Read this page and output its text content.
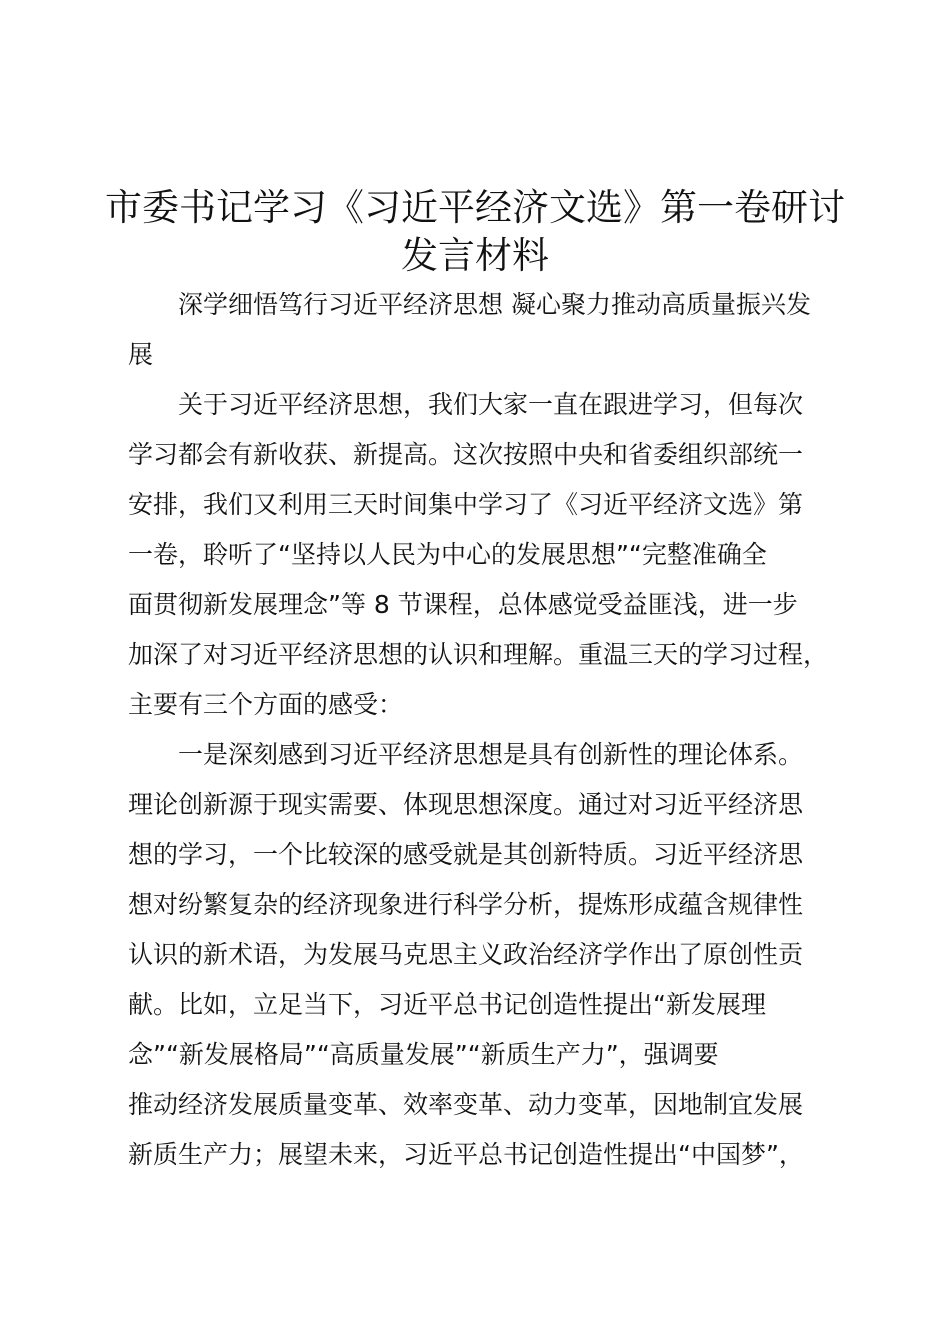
市委书记学习《习近平经济文选》第一卷研讨
发言材料
深学细悟笃行习近平经济思想 凝心聚力推动高质量振兴发
展
关于习近平经济思想，我们大家一直在跟进学习，但每次
学习都会有新收获、新提高。这次按照中央和省委组织部统一
安排，我们又利用三天时间集中学习了《习近平经济文选》第
一卷，聆听了“坚持以人民为中心的发展思想”“完整准确全
面贯彻新发展理念”等 8 节课程，总体感觉受益匪浅，进一步
加深了对习近平经济思想的认识和理解。重温三天的学习过程，
主要有三个方面的感受：
一是深刻感到习近平经济思想是具有创新性的理论体系。
理论创新源于现实需要、体现思想深度。通过对习近平经济思
想的学习，一个比较深的感受就是其创新特质。习近平经济思
想对纷繁复杂的经济现象进行科学分析，提炼形成蕴含规律性
认识的新术语，为发展马克思主义政治经济学作出了原创性贡
献。比如，立足当下，习近平总书记创造性提出“新发展理
念”“新发展格局”“高质量发展”“新质生产力”，强调要
推动经济发展质量变革、效率变革、动力变革，因地制宜发展
新质生产力；展望未来，习近平总书记创造性提出“中国梦”，
